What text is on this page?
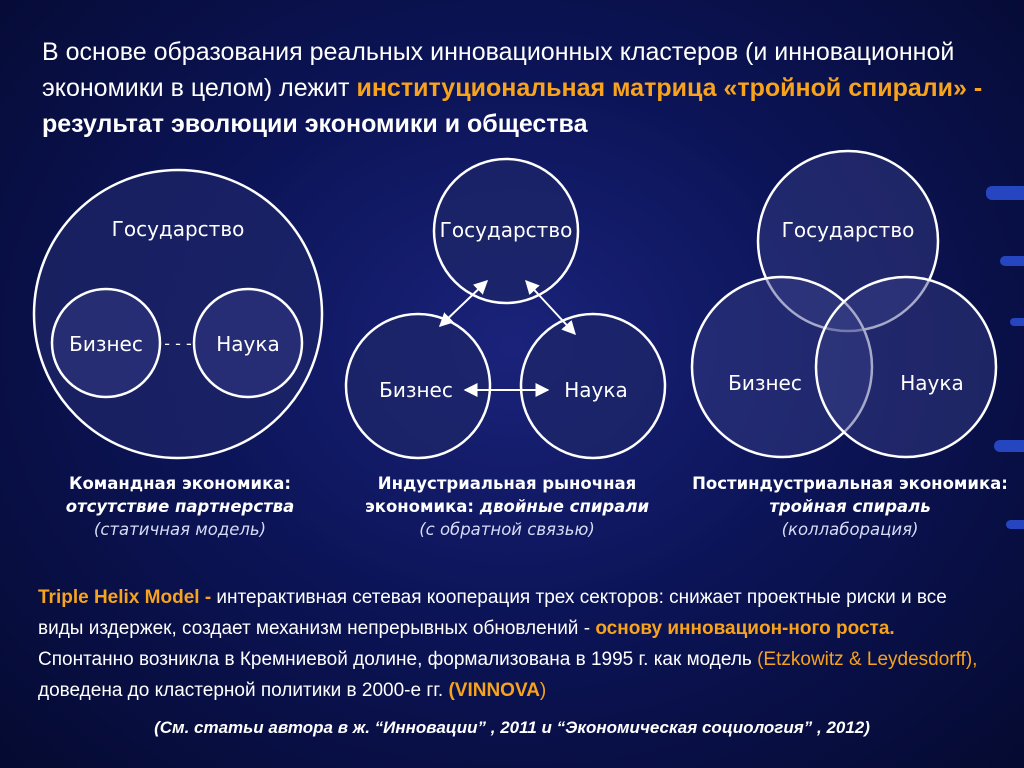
В основе образования реальных инновационных кластеров (и инновационной экономики в целом) лежит институциональная матрица «тройной спирали» - результат эволюции экономики и общества
Государство
Бизнес	Наука
- - -
Государство
Бизнес	Наука
Государство
Бизнес	Наука
Командная экономика:
отсутствие партнерства
(статичная модель)
Индустриальная рыночная
экономика: двойные спирали
(с обратной связью)
Постиндустриальная экономика:
тройная спираль
(коллаборация)
Triple Helix Model - интерактивная сетевая кооперация трех секторов: снижает проектные риски и все виды издержек, создает механизм непрерывных обновлений - основу инновацион-ного роста. Спонтанно возникла в Кремниевой долине, формализована в 1995 г. как модель (Etzkowitz & Leydesdorff), доведена до кластерной политики в 2000-е гг. (VINNOVA)
(См. статьи автора в ж. “Инновации” , 2011 и “Экономическая социология” , 2012)
